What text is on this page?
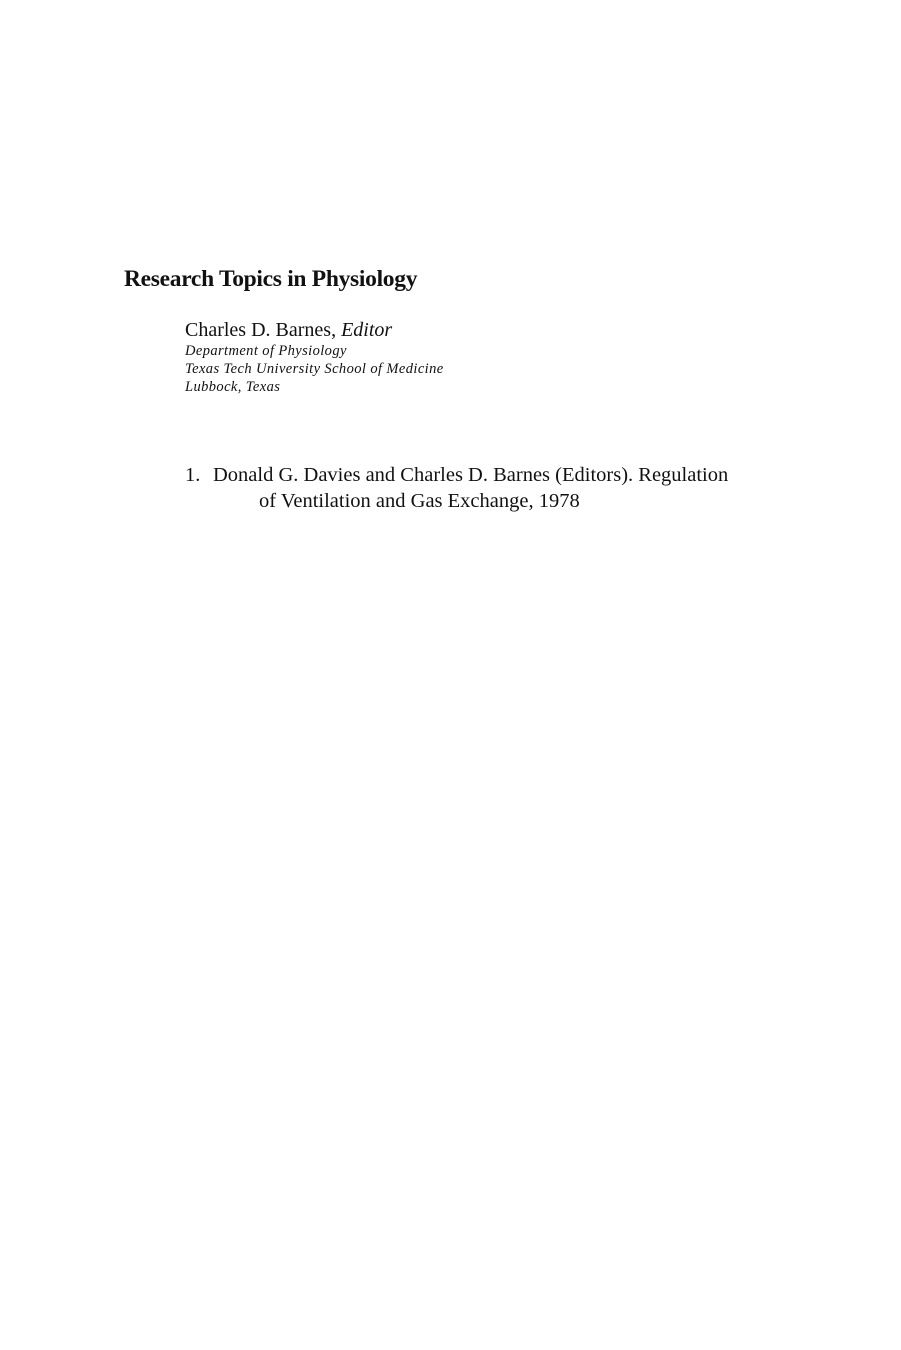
Research Topics in Physiology
Charles D. Barnes, Editor
Department of Physiology
Texas Tech University School of Medicine
Lubbock, Texas
1. Donald G. Davies and Charles D. Barnes (Editors). Regulation
of Ventilation and Gas Exchange, 1978
